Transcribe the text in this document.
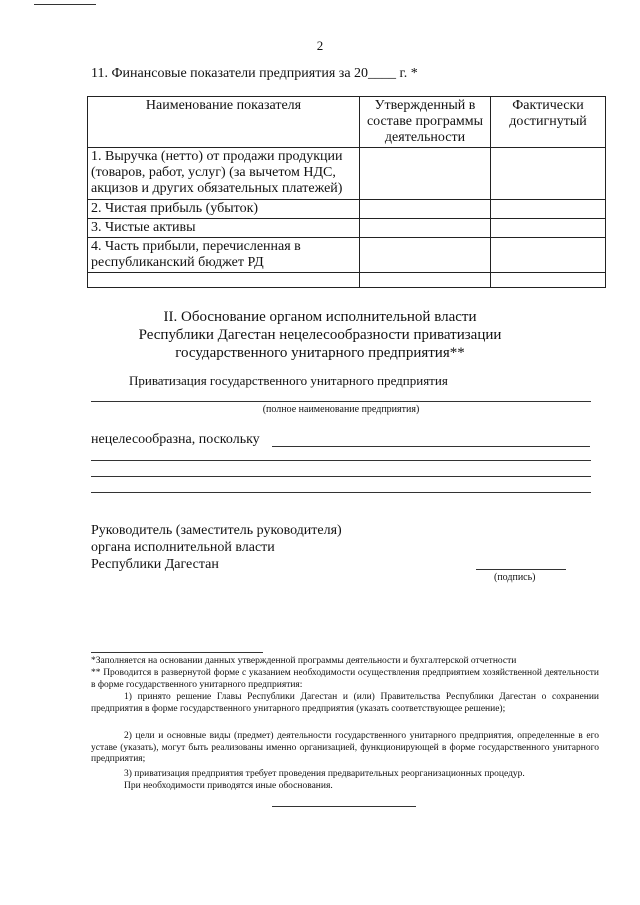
2
11. Финансовые показатели предприятия за 20____ г. *
Наименование показателя	Утвержденный в составе программы деятельности	Фактически достигнутый
1. Выручка (нетто) от продажи продукции (товаров, работ, услуг) (за вычетом НДС, акцизов и других обязательных платежей)		
2. Чистая прибыль (убыток)		
3. Чистые активы		
4. Часть прибыли, перечисленная в республиканский бюджет РД		

II. Обоснование органом исполнительной власти
Республики Дагестан нецелесообразности приватизации
государственного унитарного предприятия**
Приватизация государственного унитарного предприятия
(полное наименование предприятия)
нецелесообразна, поскольку
Руководитель (заместитель руководителя)
органа исполнительной власти
Республики Дагестан
(подпись)
*Заполняется на основании данных утвержденной программы деятельности и бухгалтерской отчетности
** Проводится в развернутой форме с указанием необходимости осуществления предприятием хозяйственной деятельности в форме государственного унитарного предприятия:
1) принято решение Главы Республики Дагестан и (или) Правительства Республики Дагестан о сохранении предприятия в форме государственного унитарного предприятия (указать соответствующее решение);
2) цели и основные виды (предмет) деятельности государственного унитарного предприятия, определенные в его уставе (указать), могут быть реализованы именно организацией, функционирующей в форме государственного унитарного предприятия;
3) приватизация предприятия требует проведения предварительных реорганизационных процедур.
При необходимости приводятся иные обоснования.
